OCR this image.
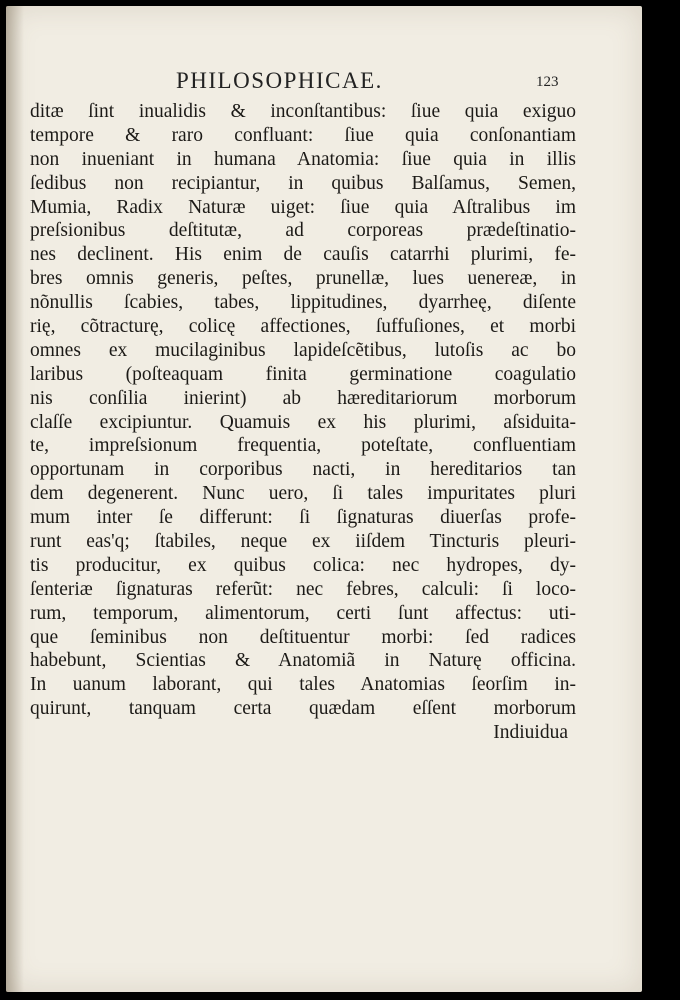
PHILOSOPHICAE.	123
ditæ ſint inualidis & inconſtantibus: ſiue quia exiguo
tempore & raro confluant: ſiue quia conſonantiam
non inueniant in humana Anatomia: ſiue quia in illis
ſedibus non recipiantur, in quibus Balſamus, Semen,
Mumia, Radix Naturæ uiget: ſiue quia Aſtralibus im
preſsionibus deſtitutæ, ad corporeas prædeſtinatio-
nes declinent. His enim de cauſis catarrhi plurimi, fe-
bres omnis generis, peſtes, prunellæ, lues uenereæ, in
nõnullis ſcabies, tabes, lippitudines, dyarrheę, diſente
rię, cõtracturę, colicę affectiones, ſuffuſiones, et morbi
omnes ex mucilaginibus lapideſcẽtibus, lutoſis ac bo
laribus (poſteaquam finita germinatione coagulatio
nis conſilia inierint) ab hæreditariorum morborum
claſſe excipiuntur. Quamuis ex his plurimi, aſsiduita-
te, impreſsionum frequentia, poteſtate, confluentiam
opportunam in corporibus nacti, in hereditarios tan
dem degenerent. Nunc uero, ſi tales impuritates pluri
mum inter ſe differunt: ſi ſignaturas diuerſas profe-
runt eas'q; ſtabiles, neque ex iiſdem Tincturis pleuri-
tis producitur, ex quibus colica: nec hydropes, dy-
ſenteriæ ſignaturas referũt: nec febres, calculi: ſi loco-
rum, temporum, alimentorum, certi ſunt affectus: uti-
que ſeminibus non deſtituentur morbi: ſed radices
habebunt, Scientias & Anatomiã in Naturę officina.
In uanum laborant, qui tales Anatomias ſeorſim in-
quirunt, tanquam certa quædam eſſent morborum
Indiuidua
